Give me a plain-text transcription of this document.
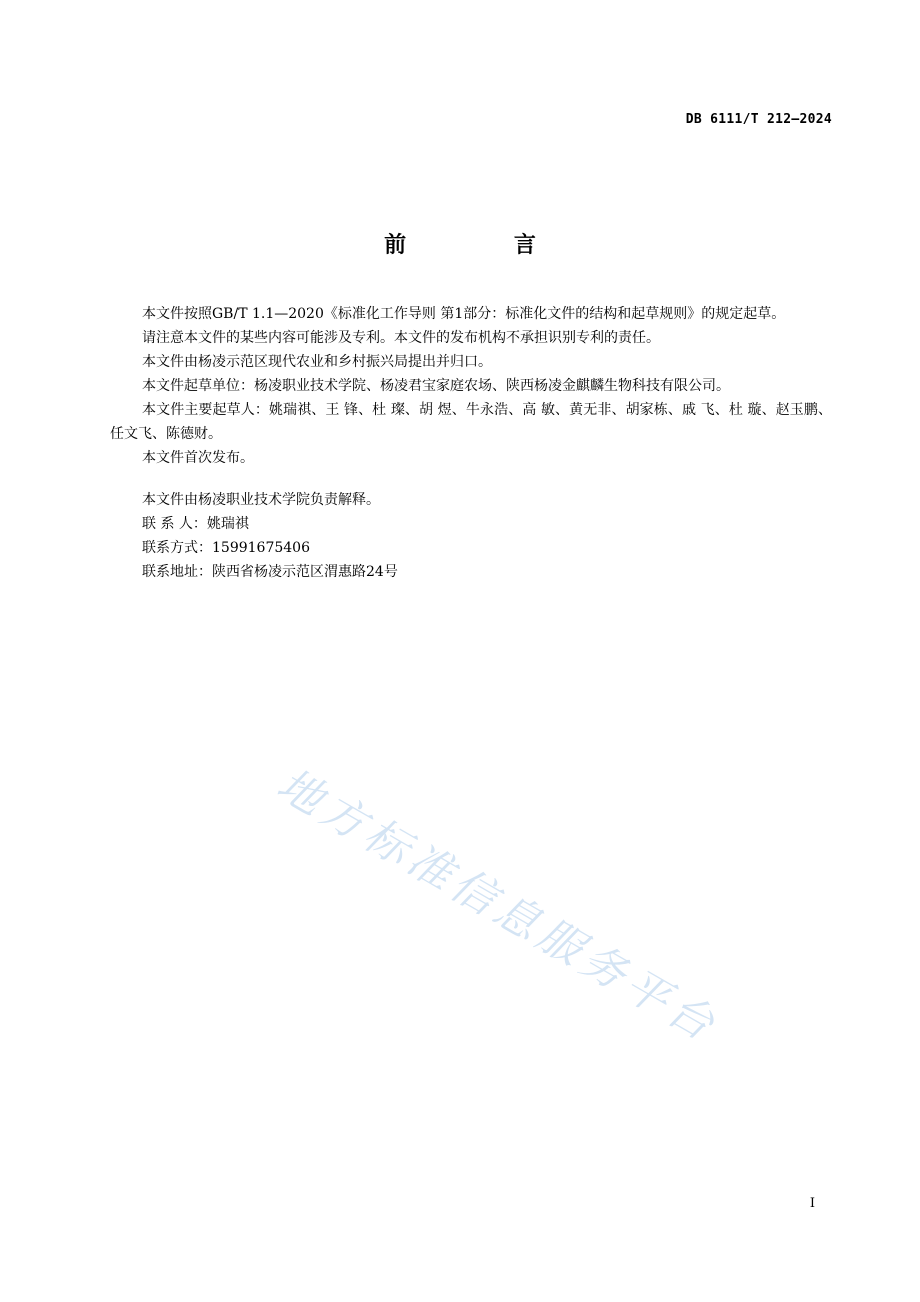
DB 6111/T 212—2024
前 言

本文件按照GB/T 1.1—2020《标准化工作导则 第1部分：标准化文件的结构和起草规则》的规定起草。

请注意本文件的某些内容可能涉及专利。本文件的发布机构不承担识别专利的责任。

本文件由杨凌示范区现代农业和乡村振兴局提出并归口。

本文件起草单位：杨凌职业技术学院、杨凌君宝家庭农场、陕西杨凌金麒麟生物科技有限公司。

本文件主要起草人：姚瑞祺、王 锋、杜 璨、胡 煜、牛永浩、高 敏、黄无非、胡家栋、戚 飞、杜 璇、赵玉鹏、任文飞、陈德财。

本文件首次发布。

本文件由杨凌职业技术学院负责解释。

联 系 人：姚瑞祺

联系方式：15991675406

联系地址：陕西省杨凌示范区渭惠路24号

地方标准信息服务平台
I
